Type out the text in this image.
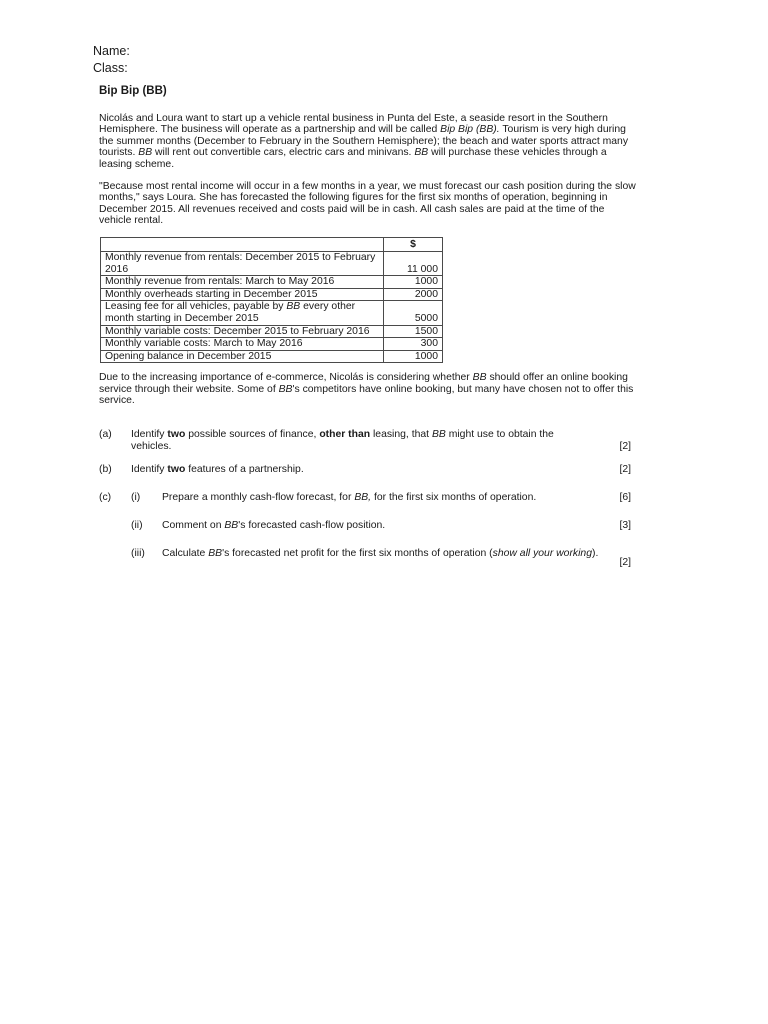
Name:
Class:
Bip Bip (BB)

Nicolás and Loura want to start up a vehicle rental business in Punta del Este, a seaside resort in the Southern Hemisphere. The business will operate as a partnership and will be called Bip Bip (BB). Tourism is very high during the summer months (December to February in the Southern Hemisphere); the beach and water sports attract many tourists. BB will rent out convertible cars, electric cars and minivans. BB will purchase these vehicles through a leasing scheme.

"Because most rental income will occur in a few months in a year, we must forecast our cash position during the slow months," says Loura. She has forecasted the following figures for the first six months of operation, beginning in December 2015. All revenues received and costs paid will be in cash. All cash sales are paid at the time of the vehicle rental.

	$
Monthly revenue from rentals: December 2015 to February 2016	11 000
Monthly revenue from rentals: March to May 2016	1000
Monthly overheads starting in December 2015	2000
Leasing fee for all vehicles, payable by BB every other month starting in December 2015	5000
Monthly variable costs: December 2015 to February 2016	1500
Monthly variable costs: March to May 2016	300
Opening balance in December 2015	1000

Due to the increasing importance of e-commerce, Nicolás is considering whether BB should offer an online booking service through their website. Some of BB's competitors have online booking, but many have chosen not to offer this service.

(a) Identify two possible sources of finance, other than leasing, that BB might use to obtain the vehicles.	[2]
(b) Identify two features of a partnership.	[2]
(c) (i) Prepare a monthly cash-flow forecast, for BB, for the first six months of operation.	[6]
(ii) Comment on BB's forecasted cash-flow position.	[3]
(iii) Calculate BB's forecasted net profit for the first six months of operation (show all your working).
[2]
